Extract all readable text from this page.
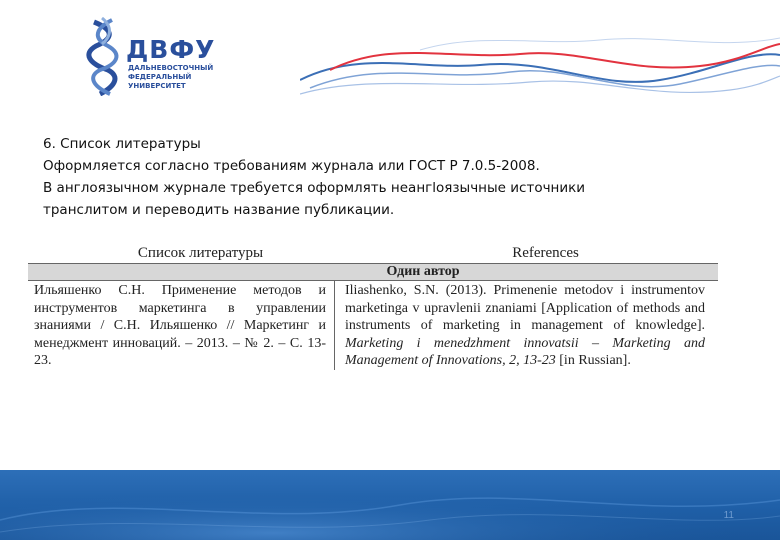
ДВФУ
ДАЛЬНЕВОСТОЧНЫЙ
ФЕДЕРАЛЬНЫЙ
УНИВЕРСИТЕТ
6. Список литературы
Оформляется согласно требованиям журнала или ГОСТ Р 7.0.5-2008.
В англоязычном журнале требуется оформлять неангloязычные источники
транслитом и переводить название публикации.
Список литературы	References
Один автор
Ильяшенко С.Н. Применение методов и инструментов маркетинга в управлении знаниями / С.Н. Ильяшенко // Маркетинг и менеджмент инноваций. – 2013. – № 2. – С. 13-23.
Iliashenko, S.N. (2013). Primenenie metodov i instrumentov marketinga v upravlenii znaniami [Application of methods and instruments of marketing in management of knowledge]. Marketing i menedzhment innovatsii – Marketing and Management of Innovations, 2, 13-23 [in Russian].
11
